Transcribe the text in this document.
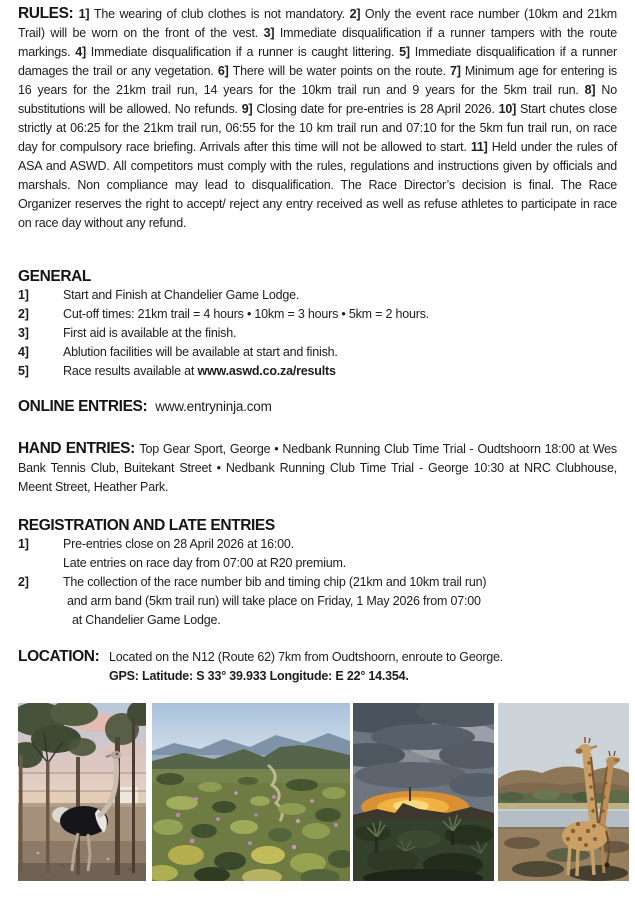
RULES: 1] The wearing of club clothes is not mandatory. 2] Only the event race number (10km and 21km Trail) will be worn on the front of the vest. 3] Immediate disqualification if a runner tampers with the route markings. 4] Immediate disqualification if a runner is caught littering. 5] Immediate disqualification if a runner damages the trail or any vegetation. 6] There will be water points on the route. 7] Minimum age for entering is 16 years for the 21km trail run, 14 years for the 10km trail run and 9 years for the 5km trail run. 8] No substitutions will be allowed. No refunds. 9] Closing date for pre-entries is 28 April 2026. 10] Start chutes close strictly at 06:25 for the 21km trail run, 06:55 for the 10 km trail run and 07:10 for the 5km fun trail run, on race day for compulsory race briefing. Arrivals after this time will not be allowed to start. 11] Held under the rules of ASA and ASWD. All competitors must comply with the rules, regulations and instructions given by officials and marshals. Non compliance may lead to disqualification. The Race Director’s decision is final. The Race Organizer reserves the right to accept/ reject any entry received as well as refuse athletes to participate in race on race day without any refund.

GENERAL
1]	Start and Finish at Chandelier Game Lodge.
2]	Cut-off times: 21km trail = 4 hours • 10km = 3 hours • 5km = 2 hours.
3]	First aid is available at the finish.
4]	Ablution facilities will be available at start and finish.
5]	Race results available at www.aswd.co.za/results
ONLINE ENTRIES: www.entryninja.com

HAND ENTRIES: Top Gear Sport, George • Nedbank Running Club Time Trial - Oudtshoorn 18:00 at Wes Bank Tennis Club, Buitekant Street • Nedbank Running Club Time Trial - George 10:30 at NRC Clubhouse, Meent Street, Heather Park.

REGISTRATION AND LATE ENTRIES
1]	Pre-entries close on 28 April 2026 at 16:00.
Late entries on race day from 07:00 at R20 premium.
2]	The collection of the race number bib and timing chip (21km and 10km trail run)
and arm band (5km trail run) will take place on Friday, 1 May 2026 from 07:00
at Chandelier Game Lodge.
LOCATION: Located on the N12 (Route 62) 7km from Oudtshoorn, enroute to George.
GPS: Latitude: S 33° 39.933 Longitude: E 22° 14.354.
